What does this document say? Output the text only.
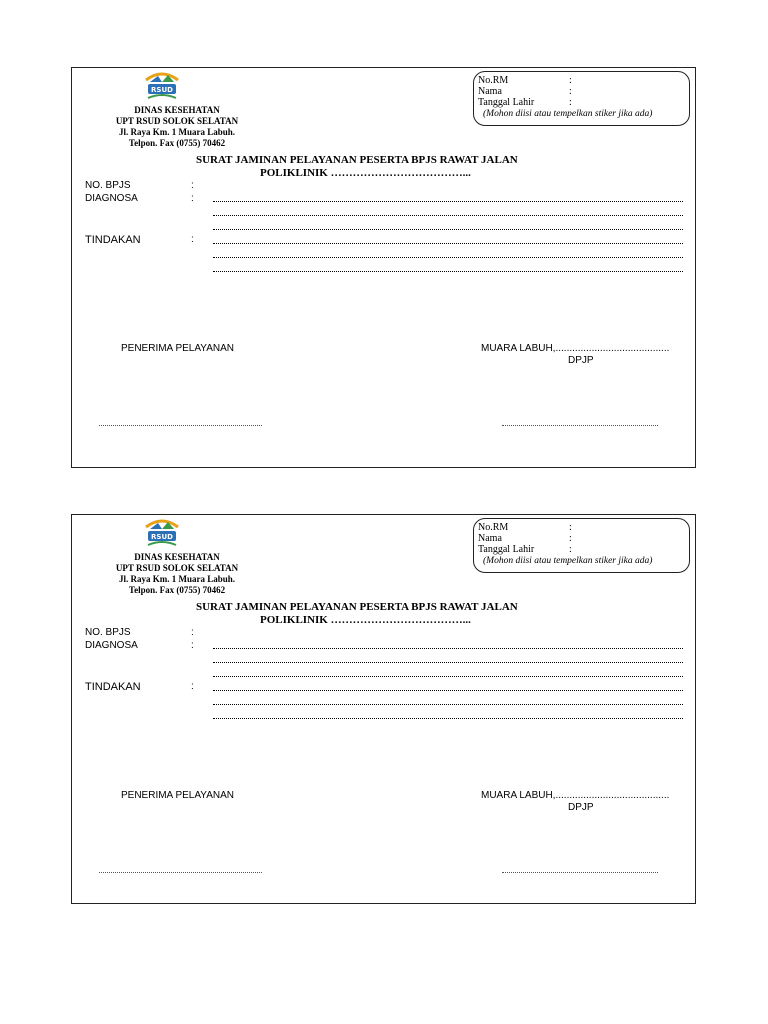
RSUD
DINAS KESEHATAN
UPT RSUD SOLOK SELATAN
Jl. Raya Km. 1 Muara Labuh.
Telpon. Fax (0755) 70462
No.RM	:
Nama	:
Tanggal Lahir	:
(Mohon diisi atau tempelkan stiker jika ada)
SURAT JAMINAN PELAYANAN PESERTA BPJS RAWAT JALAN
POLIKLINIK ………………………………...
NO. BPJS	:
DIAGNOSA	:
TINDAKAN	:
PENERIMA PELAYANAN	MUARA LABUH,.........................................
DPJP
RSUD
DINAS KESEHATAN
UPT RSUD SOLOK SELATAN
Jl. Raya Km. 1 Muara Labuh.
Telpon. Fax (0755) 70462
No.RM	:
Nama	:
Tanggal Lahir	:
(Mohon diisi atau tempelkan stiker jika ada)
SURAT JAMINAN PELAYANAN PESERTA BPJS RAWAT JALAN
POLIKLINIK ………………………………...
NO. BPJS	:
DIAGNOSA	:
TINDAKAN	:
PENERIMA PELAYANAN	MUARA LABUH,.........................................
DPJP
